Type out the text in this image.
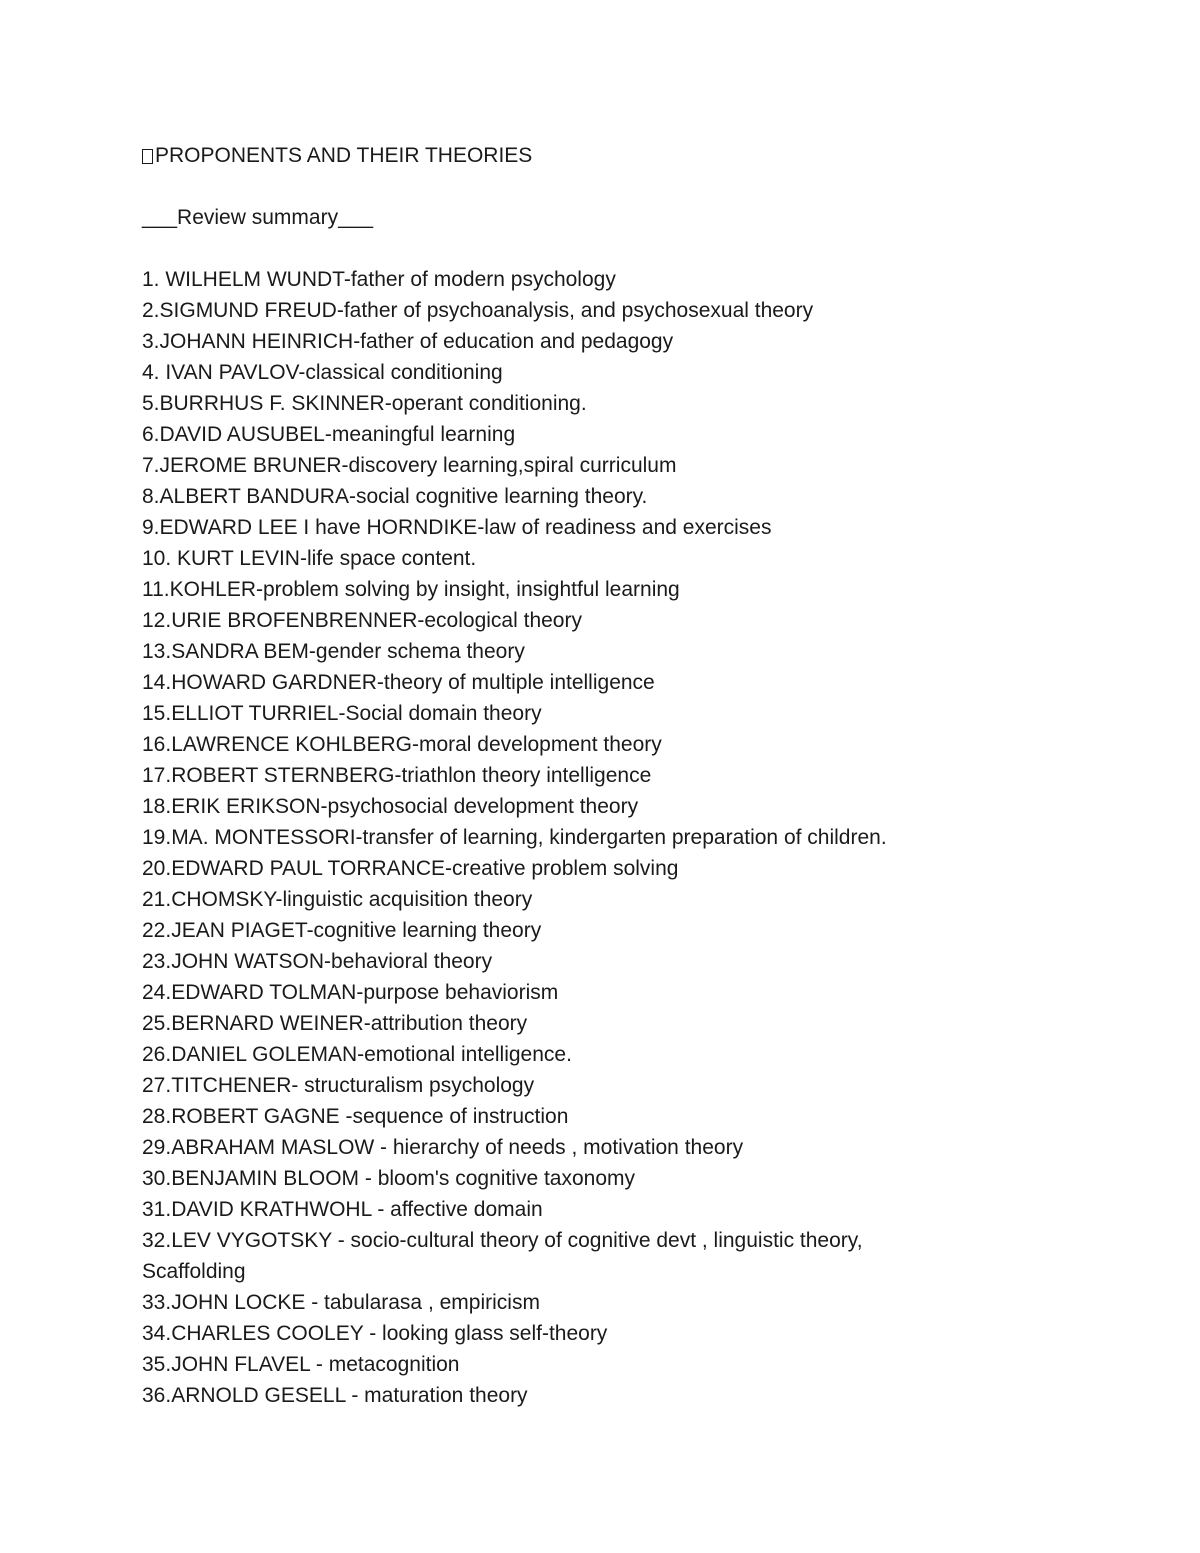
PROPONENTS AND THEIR THEORIES
___Review summary___
1. WILHELM WUNDT-father of modern psychology
2.SIGMUND FREUD-father of psychoanalysis, and psychosexual theory
3.JOHANN HEINRICH-father of education and pedagogy
4. IVAN PAVLOV-classical conditioning
5.BURRHUS F. SKINNER-operant conditioning.
6.DAVID AUSUBEL-meaningful learning
7.JEROME BRUNER-discovery learning,spiral curriculum
8.ALBERT BANDURA-social cognitive learning theory.
9.EDWARD LEE I have HORNDIKE-law of readiness and exercises
10. KURT LEVIN-life space content.
11.KOHLER-problem solving by insight, insightful learning
12.URIE BROFENBRENNER-ecological theory
13.SANDRA BEM-gender schema theory
14.HOWARD GARDNER-theory of multiple intelligence
15.ELLIOT TURRIEL-Social domain theory
16.LAWRENCE KOHLBERG-moral development theory
17.ROBERT STERNBERG-triathlon theory intelligence
18.ERIK ERIKSON-psychosocial development theory
19.MA. MONTESSORI-transfer of learning, kindergarten preparation of children.
20.EDWARD PAUL TORRANCE-creative problem solving
21.CHOMSKY-linguistic acquisition theory
22.JEAN PIAGET-cognitive learning theory
23.JOHN WATSON-behavioral theory
24.EDWARD TOLMAN-purpose behaviorism
25.BERNARD WEINER-attribution theory
26.DANIEL GOLEMAN-emotional intelligence.
27.TITCHENER- structuralism psychology
28.ROBERT GAGNE -sequence of instruction
29.ABRAHAM MASLOW - hierarchy of needs , motivation theory
30.BENJAMIN BLOOM - bloom's cognitive taxonomy
31.DAVID KRATHWOHL - affective domain
32.LEV VYGOTSKY - socio-cultural theory of cognitive devt , linguistic theory,
Scaffolding
33.JOHN LOCKE - tabularasa , empiricism
34.CHARLES COOLEY - looking glass self-theory
35.JOHN FLAVEL - metacognition
36.ARNOLD GESELL - maturation theory
